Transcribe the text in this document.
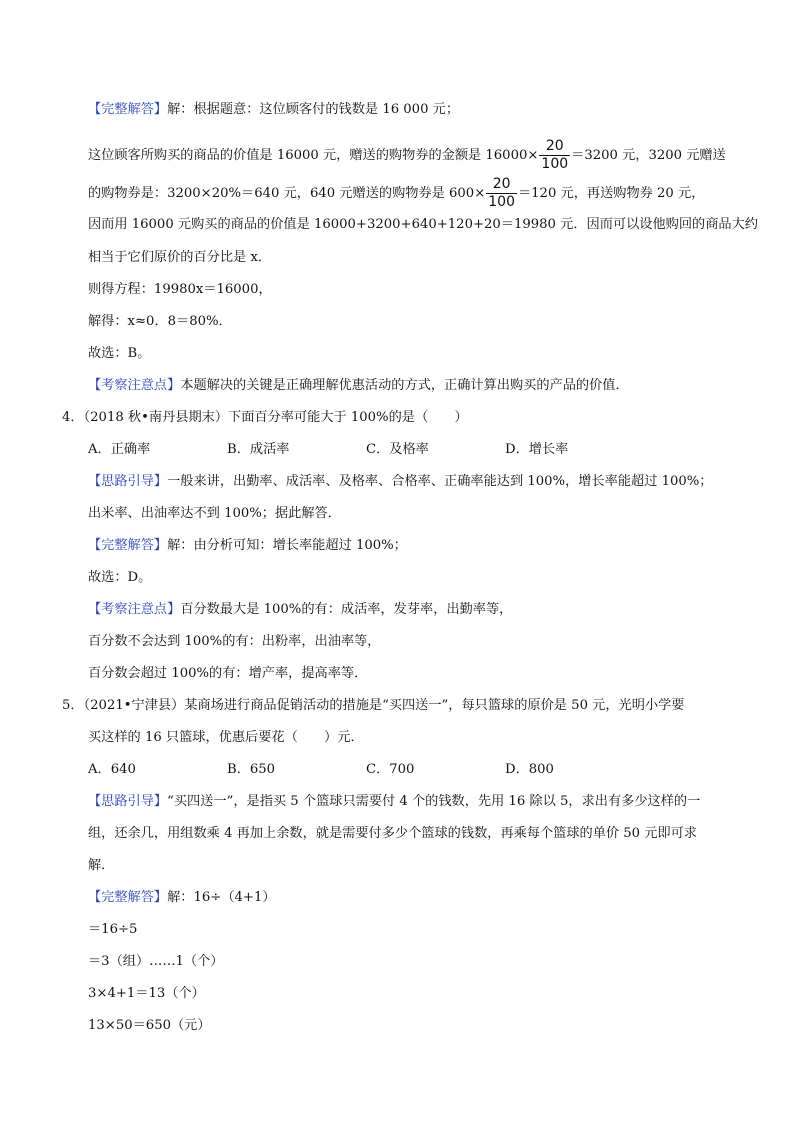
【完整解答】解：根据题意：这位顾客付的钱数是 16 000 元；
这位顾客所购买的商品的价值是 16000 元，赠送的购物券的金额是 $16000\times \frac{20}{100} =3200$ 元，3200 元赠送
的购物券是：3200×20%＝640 元，640 元赠送的购物券是 $600\times \frac{20}{100} =120$ 元，再送购物券 20 元，
因而用 16000 元购买的商品的价值是 16000+3200+640+120+20＝19980 元．因而可以设他购回的商品大约
相当于它们原价的百分比是 x．
则得方程：19980x＝16000，
解得：x≈0．8＝80%．
故选：B。
【考察注意点】本题解决的关键是正确理解优惠活动的方式，正确计算出购买的产品的价值．
4．（2018 秋•南丹县期末）下面百分率可能大于 100%的是（　　）
A．正确率	B．成活率	C．及格率	D．增长率
【思路引导】一般来讲，出勤率、成活率、及格率、合格率、正确率能达到 100%，增长率能超过 100%；
出米率、出油率达不到 100%；据此解答．
【完整解答】解：由分析可知：增长率能超过 100%；
故选：D。
【考察注意点】百分数最大是 100%的有：成活率，发芽率，出勤率等，
百分数不会达到 100%的有：出粉率，出油率等，
百分数会超过 100%的有：增产率，提高率等．
5．（2021•宁津县）某商场进行商品促销活动的措施是“买四送一”，每只篮球的原价是 50 元，光明小学要
买这样的 16 只篮球，优惠后要花（　　）元．
A．640	B．650	C．700	D．800
【思路引导】“买四送一”，是指买 5 个篮球只需要付 4 个的钱数，先用 16 除以 5，求出有多少这样的一
组，还余几，用组数乘 4 再加上余数，就是需要付多少个篮球的钱数，再乘每个篮球的单价 50 元即可求
解．
【完整解答】解：16÷（4+1）
＝16÷5
＝3（组）……1（个）
3×4+1＝13（个）
13×50＝650（元）
